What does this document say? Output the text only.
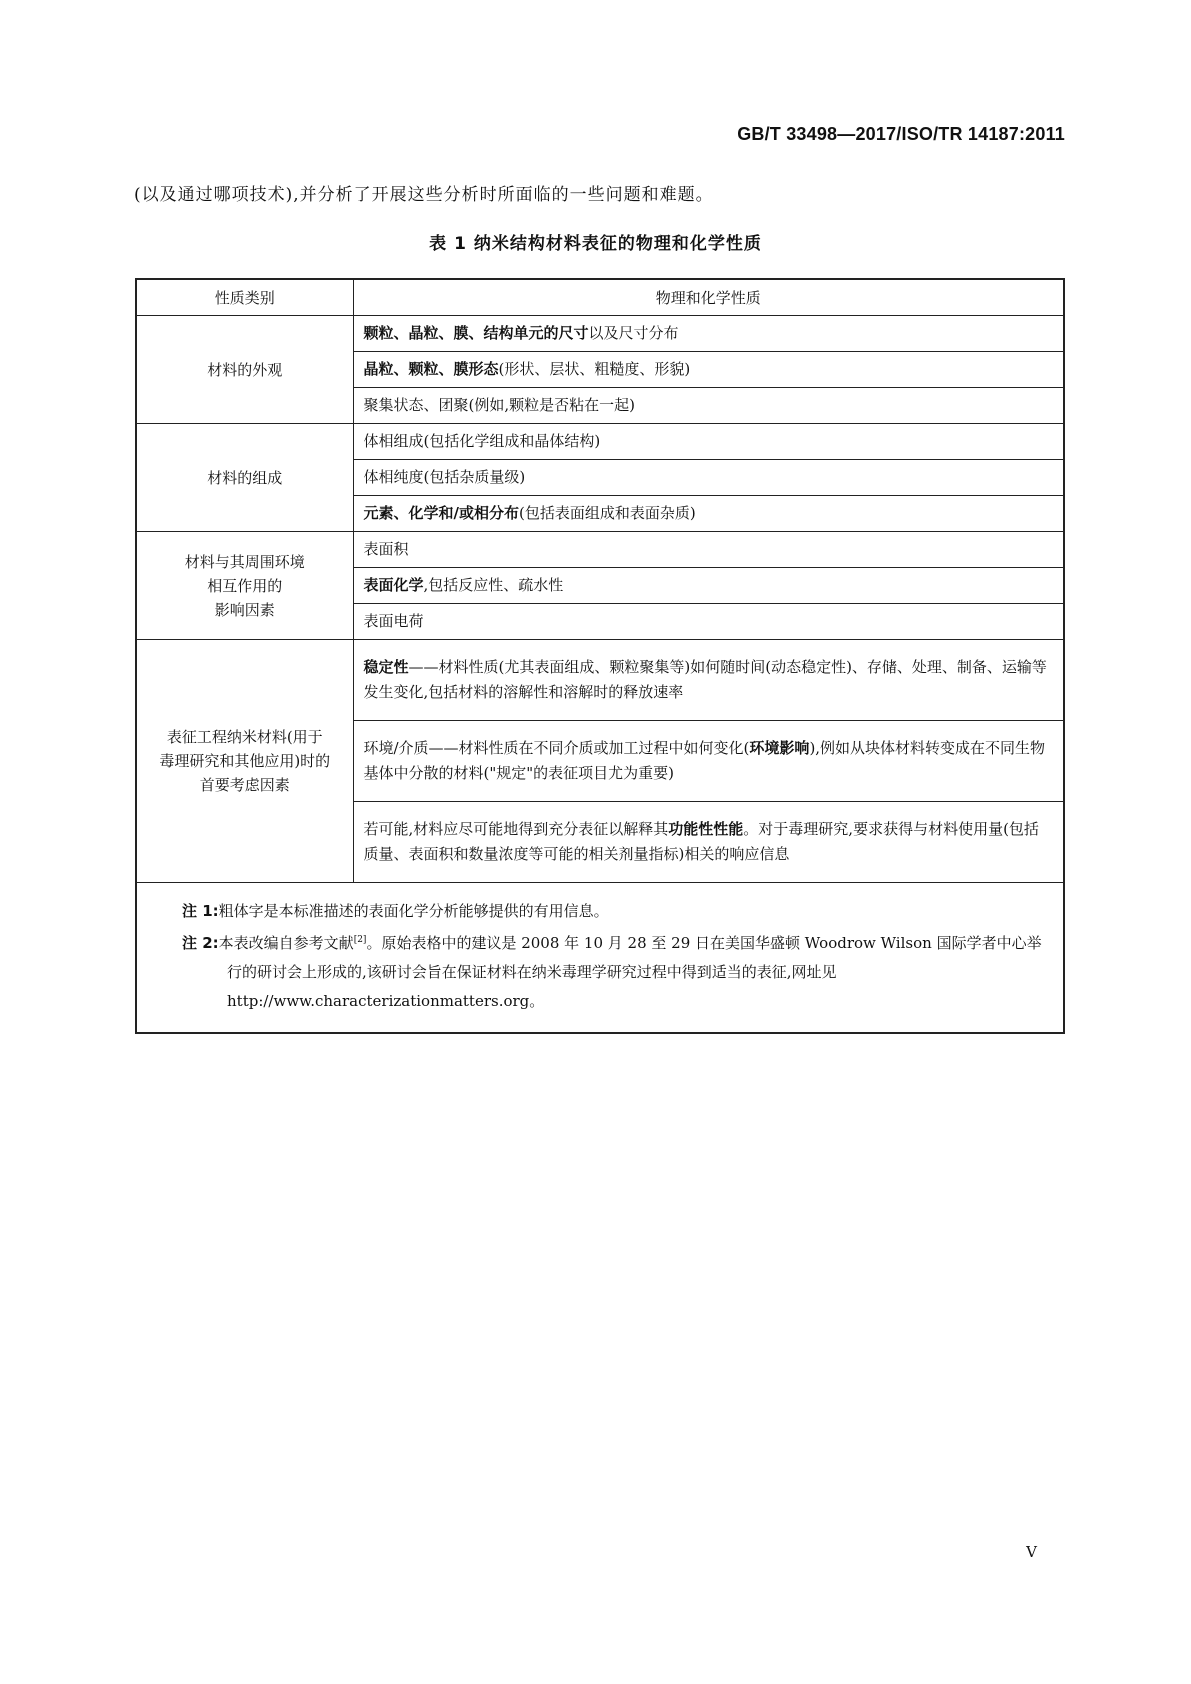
GB/T 33498—2017/ISO/TR 14187:2011
(以及通过哪项技术),并分析了开展这些分析时所面临的一些问题和难题。
表 1 纳米结构材料表征的物理和化学性质
性质类别	物理和化学性质
材料的外观	颗粒、晶粒、膜、结构单元的尺寸以及尺寸分布
	晶粒、颗粒、膜形态(形状、层状、粗糙度、形貌)
	聚集状态、团聚(例如,颗粒是否粘在一起)
材料的组成	体相组成(包括化学组成和晶体结构)
	体相纯度(包括杂质量级)
	元素、化学和/或相分布(包括表面组成和表面杂质)

材料与其周围环境
相互作用的
影响因素	表面积
	表面化学,包括反应性、疏水性
	表面电荷

表征工程纳米材料(用于
毒理研究和其他应用)时的
首要考虑因素	稳定性——材料性质(尤其表面组成、颗粒聚集等)如何随时间(动态稳定性)、存储、处理、制备、运输等发生变化,包括材料的溶解性和溶解时的释放速率
	环境/介质——材料性质在不同介质或加工过程中如何变化(环境影响),例如从块体材料转变成在不同生物基体中分散的材料("规定"的表征项目尤为重要)
	若可能,材料应尽可能地得到充分表征以解释其功能性性能。对于毒理研究,要求获得与材料使用量(包括质量、表面积和数量浓度等可能的相关剂量指标)相关的响应信息

注 1:粗体字是本标准描述的表面化学分析能够提供的有用信息。
注 2:本表改编自参考文献[2]。原始表格中的建议是 2008 年 10 月 28 至 29 日在美国华盛顿 Woodrow Wilson 国际学者中心举行的研讨会上形成的,该研讨会旨在保证材料在纳米毒理学研究过程中得到适当的表征,网址见 http://www.characterizationmatters.org。	
V
